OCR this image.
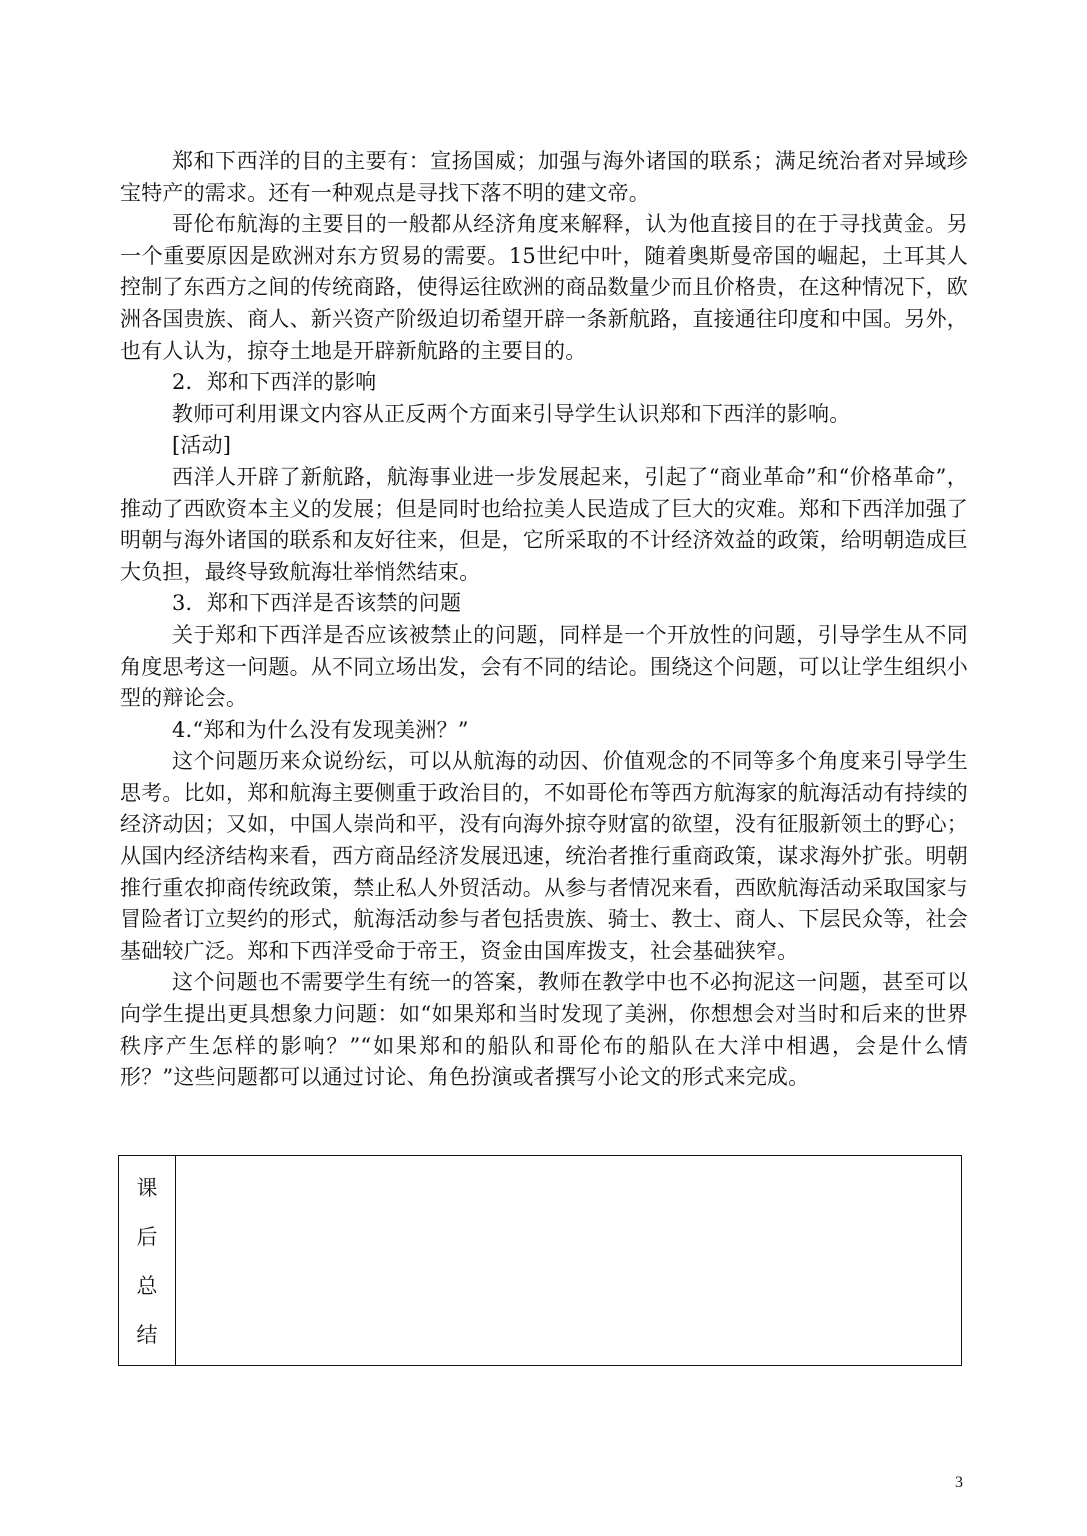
郑和下西洋的目的主要有：宣扬国威；加强与海外诸国的联系；满足统治者对异域珍宝特产的需求。还有一种观点是寻找下落不明的建文帝。

哥伦布航海的主要目的一般都从经济角度来解释，认为他直接目的在于寻找黄金。另一个重要原因是欧洲对东方贸易的需要。15世纪中叶，随着奥斯曼帝国的崛起，土耳其人控制了东西方之间的传统商路，使得运往欧洲的商品数量少而且价格贵，在这种情况下，欧洲各国贵族、商人、新兴资产阶级迫切希望开辟一条新航路，直接通往印度和中国。另外，也有人认为，掠夺土地是开辟新航路的主要目的。

2．郑和下西洋的影响

教师可利用课文内容从正反两个方面来引导学生认识郑和下西洋的影响。

[活动]

西洋人开辟了新航路，航海事业进一步发展起来，引起了“商业革命”和“价格革命”，推动了西欧资本主义的发展；但是同时也给拉美人民造成了巨大的灾难。郑和下西洋加强了明朝与海外诸国的联系和友好往来，但是，它所采取的不计经济效益的政策，给明朝造成巨大负担，最终导致航海壮举悄然结束。

3．郑和下西洋是否该禁的问题

关于郑和下西洋是否应该被禁止的问题，同样是一个开放性的问题，引导学生从不同角度思考这一问题。从不同立场出发，会有不同的结论。围绕这个问题，可以让学生组织小型的辩论会。

4.“郑和为什么没有发现美洲？”

这个问题历来众说纷纭，可以从航海的动因、价值观念的不同等多个角度来引导学生思考。比如，郑和航海主要侧重于政治目的，不如哥伦布等西方航海家的航海活动有持续的经济动因；又如，中国人崇尚和平，没有向海外掠夺财富的欲望，没有征服新领土的野心；从国内经济结构来看，西方商品经济发展迅速，统治者推行重商政策，谋求海外扩张。明朝推行重农抑商传统政策，禁止私人外贸活动。从参与者情况来看，西欧航海活动采取国家与冒险者订立契约的形式，航海活动参与者包括贵族、骑士、教士、商人、下层民众等，社会基础较广泛。郑和下西洋受命于帝王，资金由国库拨支，社会基础狭窄。

这个问题也不需要学生有统一的答案，教师在教学中也不必拘泥这一问题，甚至可以向学生提出更具想象力问题：如“如果郑和当时发现了美洲，你想想会对当时和后来的世界秩序产生怎样的影响？”“如果郑和的船队和哥伦布的船队在大洋中相遇，会是什么情形？”这些问题都可以通过讨论、角色扮演或者撰写小论文的形式来完成。

课
后
总
结
3
